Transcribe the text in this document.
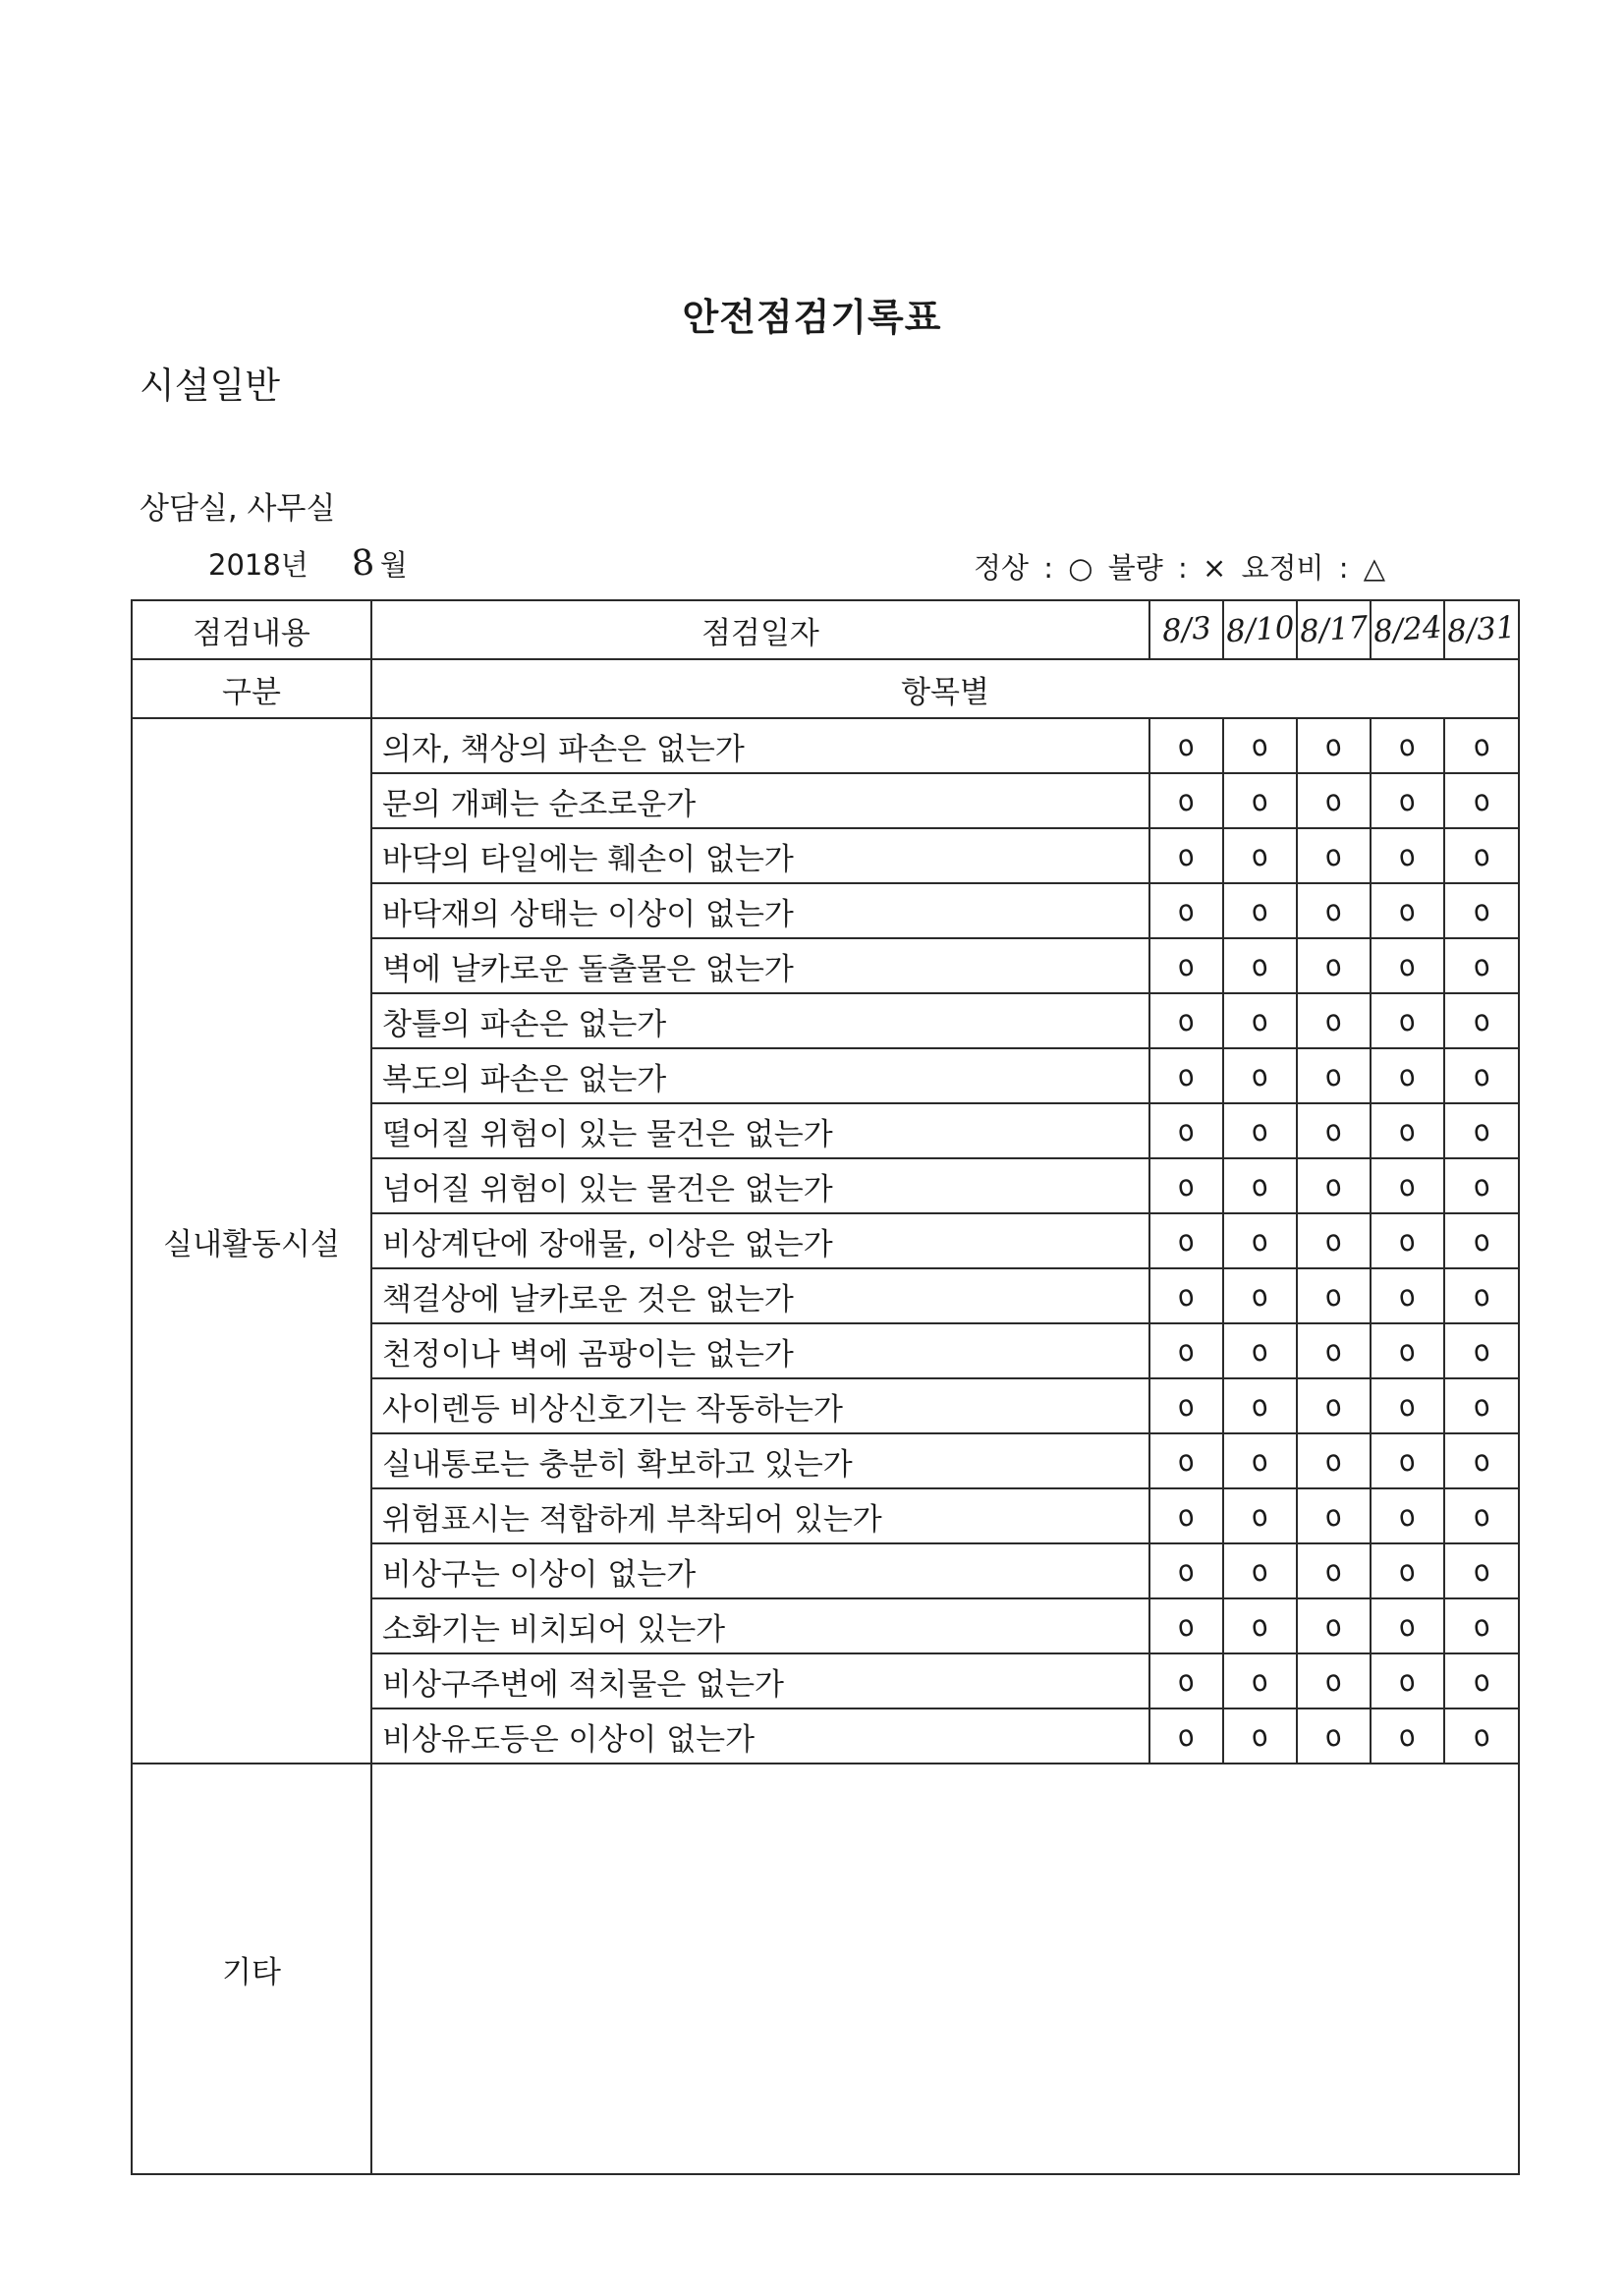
안전점검기록표
시설일반
상담실, 사무실
2018년 8 월	정상 : ○ 불량 : × 요정비 : △
점검내용	점검일자	8/3	8/10	8/17	8/24	8/31
구분	항목별					
실내활동시설	의자, 책상의 파손은 없는가	o	o	o	o	o
	문의 개폐는 순조로운가	o	o	o	o	o
	바닥의 타일에는 훼손이 없는가	o	o	o	o	o
	바닥재의 상태는 이상이 없는가	o	o	o	o	o
	벽에 날카로운 돌출물은 없는가	o	o	o	o	o
	창틀의 파손은 없는가	o	o	o	o	o
	복도의 파손은 없는가	o	o	o	o	o
	떨어질 위험이 있는 물건은 없는가	o	o	o	o	o
	넘어질 위험이 있는 물건은 없는가	o	o	o	o	o
	비상계단에 장애물, 이상은 없는가	o	o	o	o	o
	책걸상에 날카로운 것은 없는가	o	o	o	o	o
	천정이나 벽에 곰팡이는 없는가	o	o	o	o	o
	사이렌등 비상신호기는 작동하는가	o	o	o	o	o
	실내통로는 충분히 확보하고 있는가	o	o	o	o	o
	위험표시는 적합하게 부착되어 있는가	o	o	o	o	o
	비상구는 이상이 없는가	o	o	o	o	o
	소화기는 비치되어 있는가	o	o	o	o	o
	비상구주변에 적치물은 없는가	o	o	o	o	o
	비상유도등은 이상이 없는가	o	o	o	o	o
기타						
